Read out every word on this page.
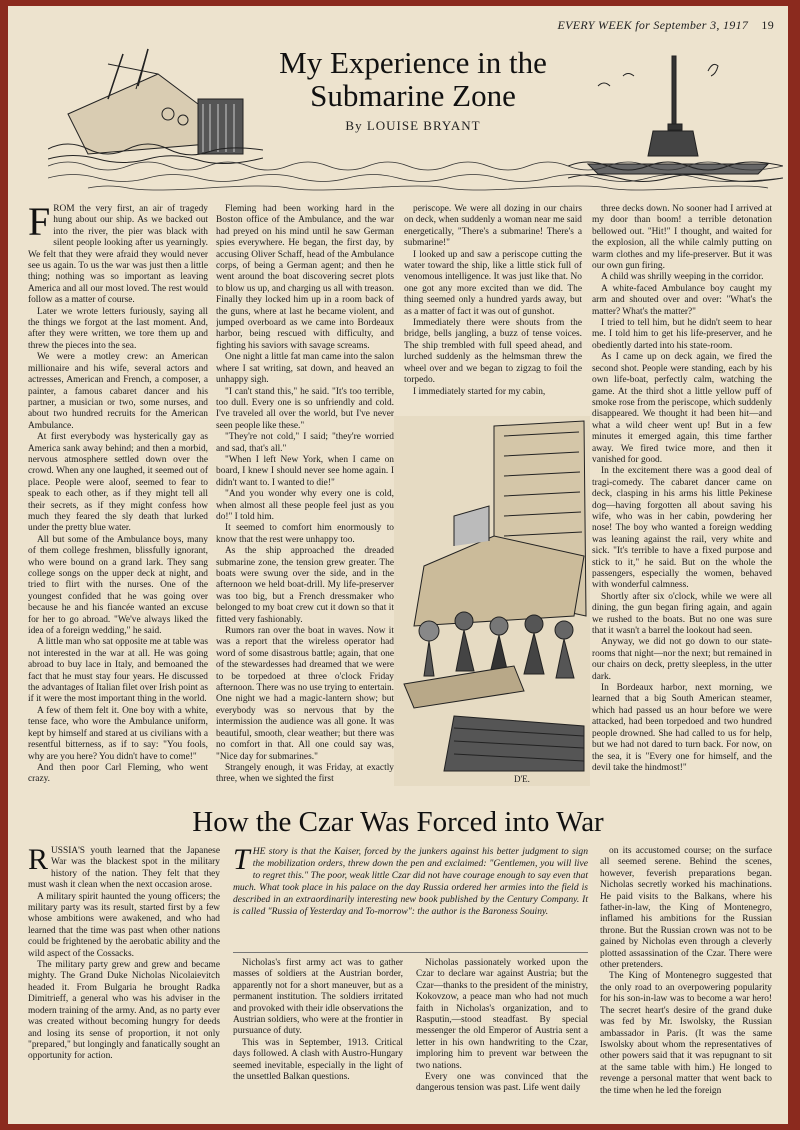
EVERY WEEK for September 3, 1917 19
My Experience in the
Submarine Zone
By LOUISE BRYANT

FROM the very first, an air of tragedy hung about our ship. As we backed out into the river, the pier was black with silent people looking after us yearningly. We felt that they were afraid they would never see us again. To us the war was just then a little thing; nothing was so important as leaving America and all our most loved. The rest would follow as a matter of course.

Later we wrote letters furiously, saying all the things we forgot at the last moment. And, after they were written, we tore them up and threw the pieces into the sea.

We were a motley crew: an American millionaire and his wife, several actors and actresses, American and French, a composer, a painter, a famous cabaret dancer and his partner, a musician or two, some nurses, and about two hundred recruits for the American Ambulance.

At first everybody was hysterically gay as America sank away behind; and then a morbid, nervous atmosphere settled down over the crowd. When any one laughed, it seemed out of place. People were aloof, seemed to fear to speak to each other, as if they might tell all their secrets, as if they might confess how much they feared the sly death that lurked under the pretty blue water.

All but some of the Ambulance boys, many of them college freshmen, blissfully ignorant, who were bound on a grand lark. They sang college songs on the upper deck at night, and tried to flirt with the nurses. One of the youngest confided that he was going over because he and his fiancée wanted an excuse for her to go abroad. "We've always liked the idea of a foreign wedding," he said.

A little man who sat opposite me at table was not interested in the war at all. He was going abroad to buy lace in Italy, and bemoaned the fact that he must stay four years. He discussed the advantages of Italian filet over Irish point as if it were the most important thing in the world.

A few of them felt it. One boy with a white, tense face, who wore the Ambulance uniform, kept by himself and stared at us civilians with a resentful bitterness, as if to say: "You fools, why are you here? You didn't have to come!"

And then poor Carl Fleming, who went crazy.

Fleming had been working hard in the Boston office of the Ambulance, and the war had preyed on his mind until he saw German spies everywhere. He began, the first day, by accusing Oliver Schaff, head of the Ambulance corps, of being a German agent; and then he went around the boat discovering secret plots to blow us up, and charging us all with treason. Finally they locked him up in a room back of the guns, where at last he became violent, and jumped overboard as we came into Bordeaux harbor, being rescued with difficulty, and fighting his saviors with savage screams.

One night a little fat man came into the salon where I sat writing, sat down, and heaved an unhappy sigh.

"I can't stand this," he said. "It's too terrible, too dull. Every one is so unfriendly and cold. I've traveled all over the world, but I've never seen people like these."

"They're not cold," I said; "they're worried and sad, that's all."

"When I left New York, when I came on board, I knew I should never see home again. I didn't want to. I wanted to die!"

"And you wonder why every one is cold, when almost all these people feel just as you do!" I told him.

It seemed to comfort him enormously to know that the rest were unhappy too.

As the ship approached the dreaded submarine zone, the tension grew greater. The boats were swung over the side, and in the afternoon we held boat-drill. My life-preserver was too big, but a French dressmaker who belonged to my boat crew cut it down so that it fitted very fashionably.

Rumors ran over the boat in waves. Now it was a report that the wireless operator had word of some disastrous battle; again, that one of the stewardesses had dreamed that we were to be torpedoed at three o'clock Friday afternoon. There was no use trying to entertain. One night we had a magic-lantern show; but everybody was so nervous that by the intermission the audience was all gone. It was beautiful, smooth, clear weather; but there was no comfort in that. All one could say was, "Nice day for submarines."

Strangely enough, it was Friday, at exactly three, when we sighted the first

periscope. We were all dozing in our chairs on deck, when suddenly a woman near me said energetically, "There's a submarine! There's a submarine!"

I looked up and saw a periscope cutting the water toward the ship, like a little stick full of venomous intelligence. It was just like that. No one got any more excited than we did. The thing seemed only a hundred yards away, but as a matter of fact it was out of gunshot.

Immediately there were shouts from the bridge, bells jangling, a buzz of tense voices. The ship trembled with full speed ahead, and lurched suddenly as the helmsman threw the wheel over and we began to zigzag to foil the torpedo.

I immediately started for my cabin,

three decks down. No sooner had I arrived at my door than boom! a terrible detonation bellowed out. "Hit!" I thought, and waited for the explosion, all the while calmly putting on warm clothes and my life-preserver. But it was our own gun firing.

A child was shrilly weeping in the corridor.

A white-faced Ambulance boy caught my arm and shouted over and over: "What's the matter? What's the matter?"

I tried to tell him, but he didn't seem to hear me. I told him to get his life-preserver, and he obediently darted into his state-room.

As I came up on deck again, we fired the second shot. People were standing, each by his own life-boat, perfectly calm, watching the game. At the third shot a little yellow puff of smoke rose from the periscope, which suddenly disappeared. We thought it had been hit—and what a wild cheer went up! But in a few minutes it emerged again, this time farther away. We fired twice more, and then it vanished for good.

In the excitement there was a good deal of tragi-comedy. The cabaret dancer came on deck, clasping in his arms his little Pekinese dog—having forgotten all about saving his wife, who was in her cabin, powdering her nose! The boy who wanted a foreign wedding was leaning against the rail, very white and sick. "It's terrible to have a fixed purpose and stick to it," he said. But on the whole the passengers, especially the women, behaved with wonderful calmness.

Shortly after six o'clock, while we were all dining, the gun began firing again, and again we rushed to the boats. But no one was sure that it wasn't a barrel the lookout had seen.

Anyway, we did not go down to our state-rooms that night—nor the next; but remained in our chairs on deck, pretty sleepless, in the utter dark.

In Bordeaux harbor, next morning, we learned that a big South American steamer, which had passed us an hour before we were attacked, had been torpedoed and two hundred people drowned. She had called to us for help, but we had not dared to turn back. For now, on the sea, it is "Every one for himself, and the devil take the hindmost!"

D'E.
How the Czar Was Forced into War
THE story is that the Kaiser, forced by the junkers against his better judgment to sign the mobilization orders, threw down the pen and exclaimed: "Gentlemen, you will live to regret this." The poor, weak little Czar did not have courage enough to say even that much. What took place in his palace on the day Russia ordered her armies into the field is described in an extraordinarily interesting new book published by the Century Company. It is called "Russia of Yesterday and To-morrow": the author is the Baroness Souiny.

RUSSIA'S youth learned that the Japanese War was the blackest spot in the military history of the nation. They felt that they must wash it clean when the next occasion arose.

A military spirit haunted the young officers; the military party was its result, started first by a few whose ambitions were awakened, and who had learned that the time was past when other nations could be frightened by the aerobatic ability and the wild aspect of the Cossacks.

The military party grew and grew and became mighty. The Grand Duke Nicholas Nicolaievitch headed it. From Bulgaria he brought Radka Dimitrieff, a general who was his adviser in the modern training of the army. And, as no party ever was created without becoming hungry for deeds and losing its sense of proportion, it not only "prepared," but longingly and fanatically sought an opportunity for action.

Nicholas's first army act was to gather masses of soldiers at the Austrian border, apparently not for a short maneuver, but as a permanent institution. The soldiers irritated and provoked with their idle observations the Austrian soldiers, who were at the frontier in pursuance of duty.

This was in September, 1913. Critical days followed. A clash with Austro-Hungary seemed inevitable, especially in the light of the unsettled Balkan questions.

Nicholas passionately worked upon the Czar to declare war against Austria; but the Czar—thanks to the president of the ministry, Kokovzow, a peace man who had not much faith in Nicholas's organization, and to Rasputin,—stood steadfast. By special messenger the old Emperor of Austria sent a letter in his own handwriting to the Czar, imploring him to prevent war between the two nations.

Every one was convinced that the dangerous tension was past. Life went daily

on its accustomed course; on the surface all seemed serene. Behind the scenes, however, feverish preparations began. Nicholas secretly worked his machinations. He paid visits to the Balkans, where his father-in-law, the King of Montenegro, inflamed his ambitions for the Russian throne. But the Russian crown was not to be gained by Nicholas even through a cleverly plotted assassination of the Czar. There were other pretenders.

The King of Montenegro suggested that the only road to an overpowering popularity for his son-in-law was to become a war hero! The secret heart's desire of the grand duke was fed by Mr. Iswolsky, the Russian ambassador in Paris. (It was the same Iswolsky about whom the representatives of other powers said that it was repugnant to sit at the same table with him.) He longed to revenge a personal matter that went back to the time when he led the foreign
